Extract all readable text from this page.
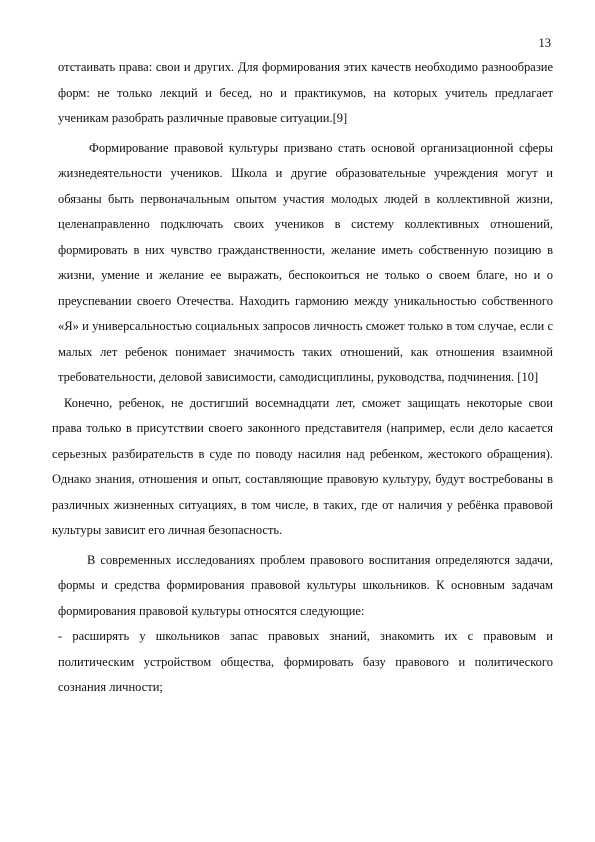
13

отстаивать права: свои и других. Для формирования этих качеств необходимо разнообразие форм: не только лекций и бесед, но и практикумов, на которых учитель предлагает ученикам разобрать различные правовые ситуации.[9]

Формирование правовой культуры призвано стать основой организационной сферы жизнедеятельности учеников. Школа и другие образовательные учреждения могут и обязаны быть первоначальным опытом участия молодых людей в коллективной жизни, целенаправленно подключать своих учеников в систему коллективных отношений, формировать в них чувство гражданственности, желание иметь собственную позицию в жизни, умение и желание ее выражать, беспокоиться не только о своем благе, но и о преуспевании своего Отечества. Находить гармонию между уникальностью собственного «Я» и универсальностью социальных запросов личность сможет только в том случае, если с малых лет ребенок понимает значимость таких отношений, как отношения взаимной требовательности, деловой зависимости, самодисциплины, руководства, подчинения. [10]

Конечно, ребенок, не достигший восемнадцати лет, сможет защищать некоторые свои права только в присутствии своего законного представителя (например, если дело касается серьезных разбирательств в суде по поводу насилия над ребенком, жестокого обращения). Однако знания, отношения и опыт, составляющие правовую культуру, будут востребованы в различных жизненных ситуациях, в том числе, в таких, где от наличия у ребёнка правовой культуры зависит его личная безопасность.

В современных исследованиях проблем правового воспитания определяются задачи, формы и средства формирования правовой культуры школьников. К основным задачам формирования правовой культуры относятся следующие:

- расширять у школьников запас правовых знаний, знакомить их с правовым и политическим устройством общества, формировать базу правового и политического сознания личности;
